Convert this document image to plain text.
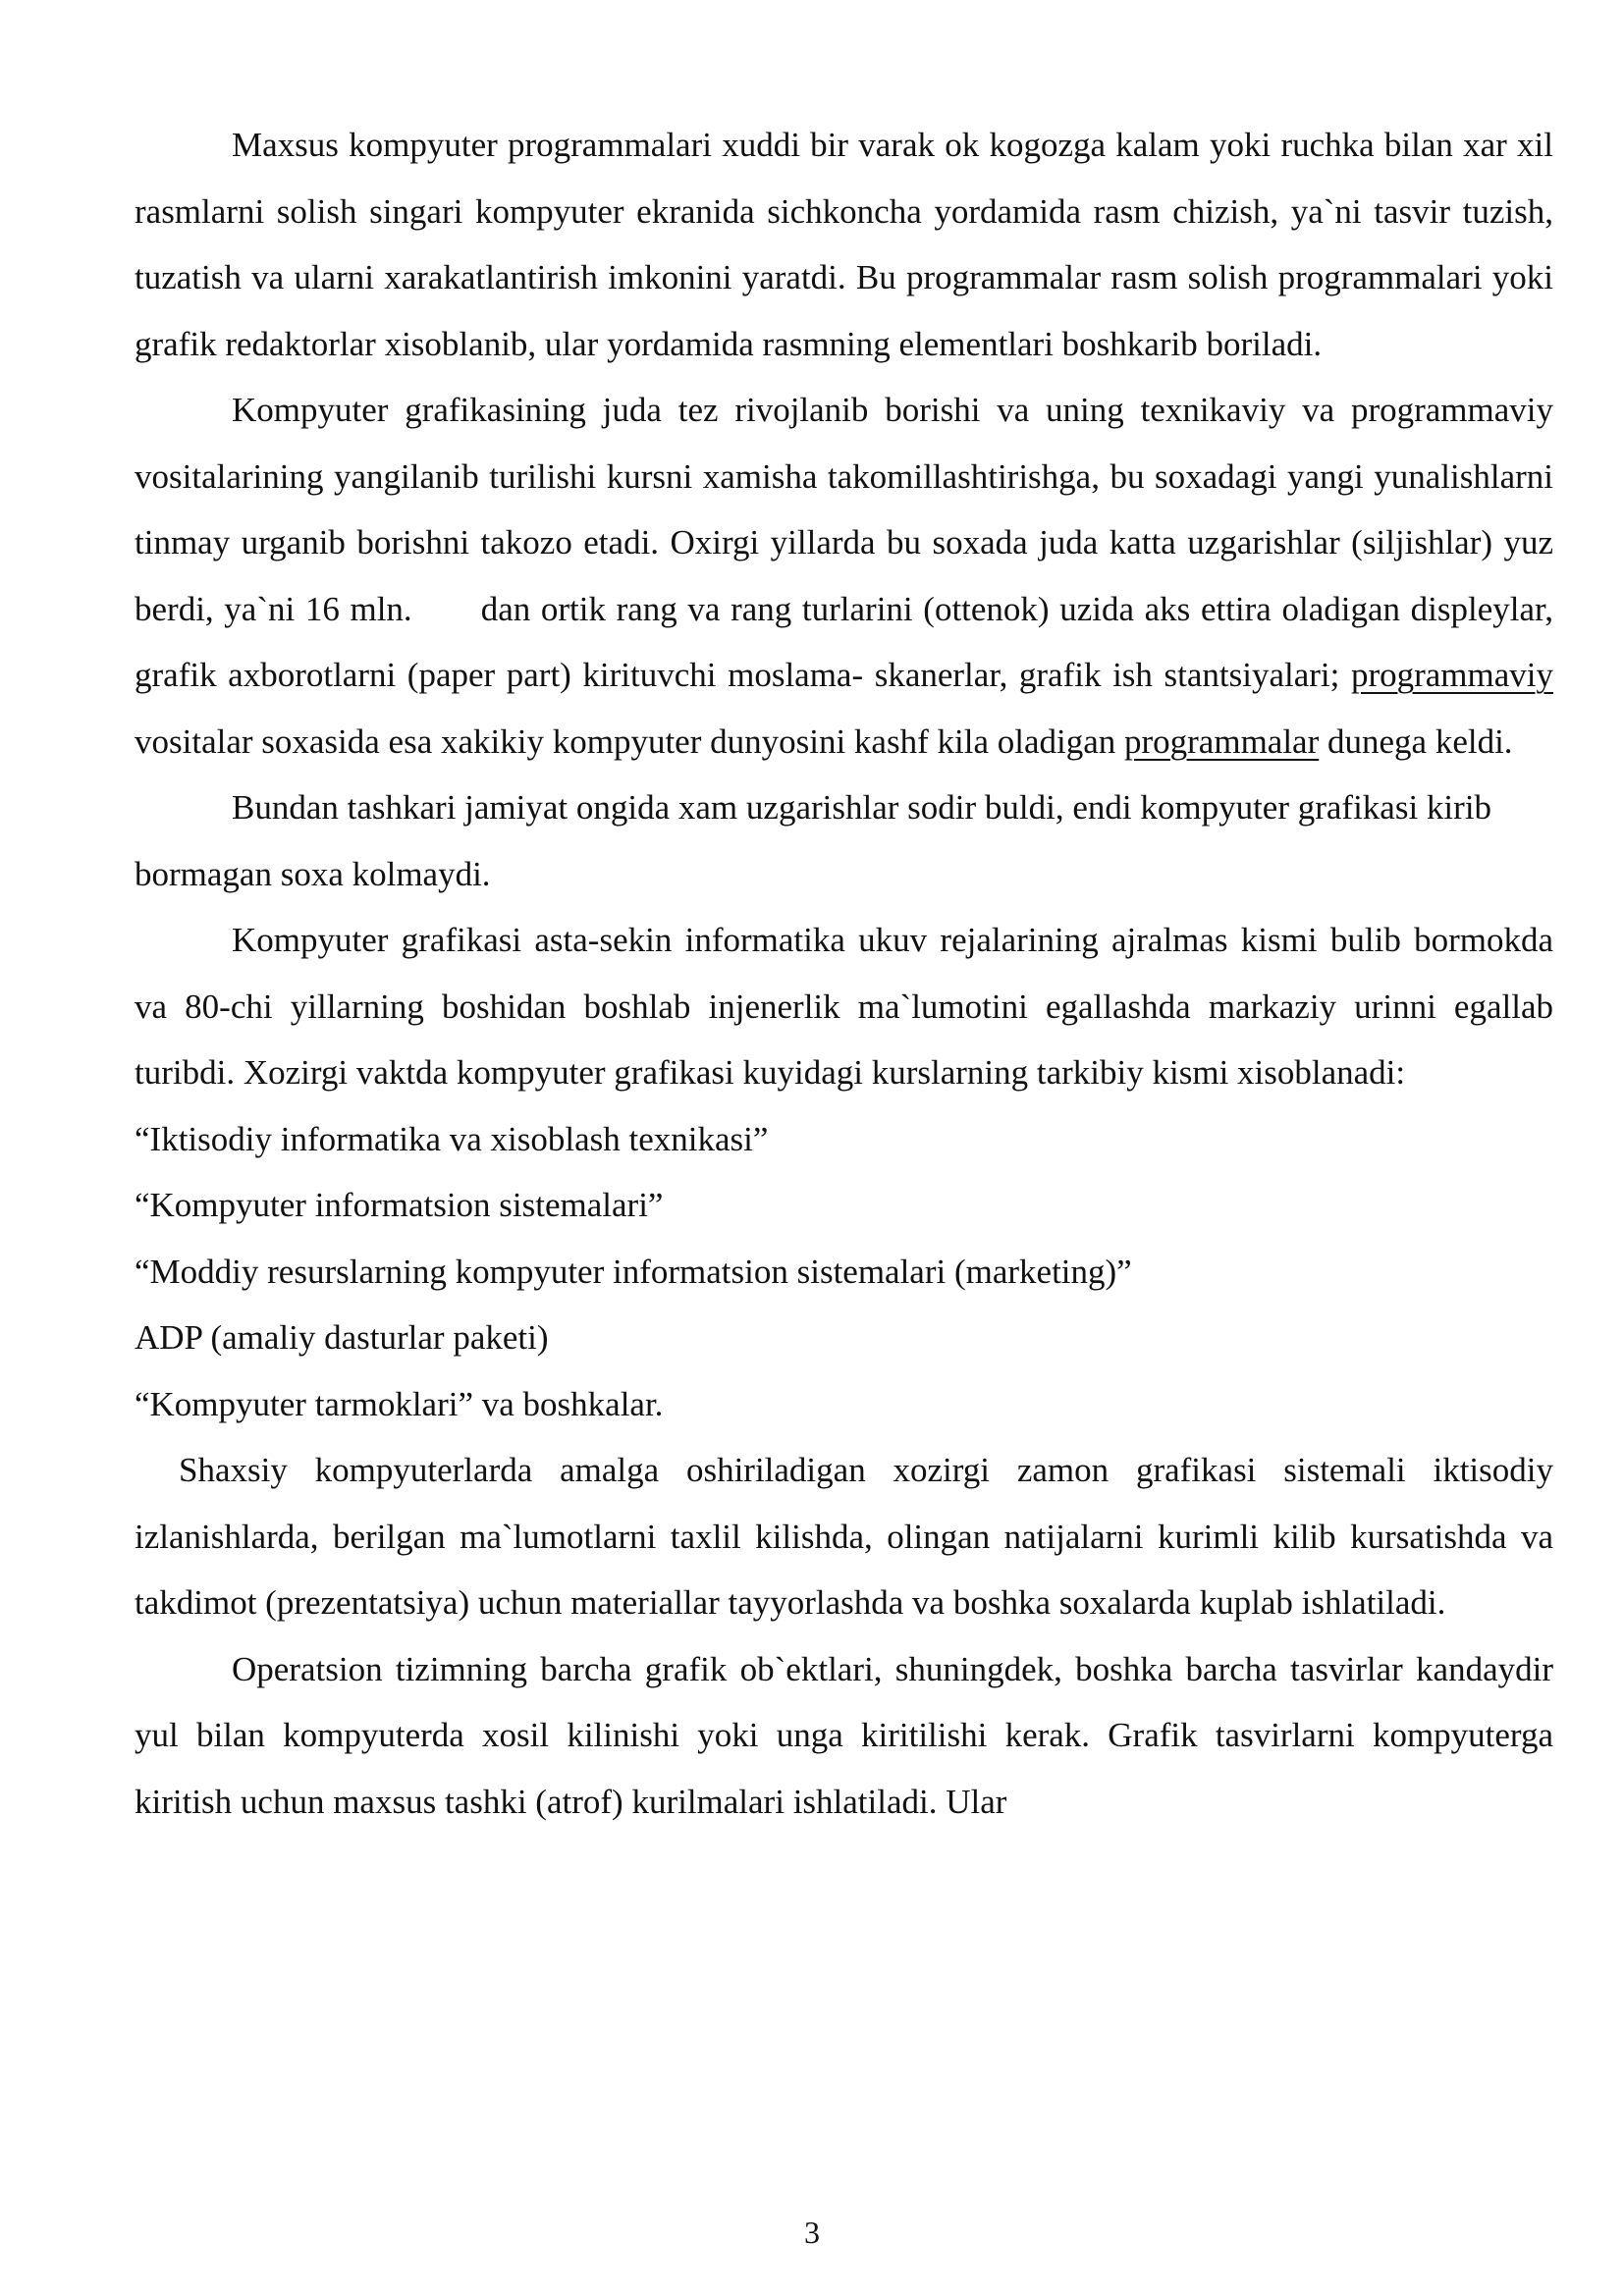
Maxsus kompyuter programmalari xuddi bir varak ok kogozga kalam yoki ruchka bilan xar xil rasmlarni solish singari kompyuter ekranida sichkoncha yordamida rasm chizish, ya`ni tasvir tuzish, tuzatish va ularni xarakatlantirish imkonini yaratdi. Bu programmalar rasm solish programmalari yoki grafik redaktorlar xisoblanib, ular yordamida rasmning elementlari boshkarib boriladi.

Kompyuter grafikasining juda tez rivojlanib borishi va uning texnikaviy va programmaviy vositalarining yangilanib turilishi kursni xamisha takomillashtirishga, bu soxadagi yangi yunalishlarni tinmay urganib borishni takozo etadi. Oxirgi yillarda bu soxada juda katta uzgarishlar (siljishlar) yuz berdi, ya`ni 16 mln. dan ortik rang va rang turlarini (ottenok) uzida aks ettira oladigan displeylar, grafik axborotlarni (paper part) kirituvchi moslama- skanerlar, grafik ish stantsiyalari; programmaviy vositalar soxasida esa xakikiy kompyuter dunyosini kashf kila oladigan programmalar dunega keldi.

Bundan tashkari jamiyat ongida xam uzgarishlar sodir buldi, endi kompyuter grafikasi kirib

bormagan soxa kolmaydi.

Kompyuter grafikasi asta-sekin informatika ukuv rejalarining ajralmas kismi bulib bormokda va 80-chi yillarning boshidan boshlab injenerlik ma`lumotini egallashda markaziy urinni egallab turibdi. Xozirgi vaktda kompyuter grafikasi kuyidagi kurslarning tarkibiy kismi xisoblanadi:

“Iktisodiy informatika va xisoblash texnikasi”

“Kompyuter informatsion sistemalari”

“Moddiy resurslarning kompyuter informatsion sistemalari (marketing)”

ADP (amaliy dasturlar paketi)

“Kompyuter tarmoklari” va boshkalar.

Shaxsiy kompyuterlarda amalga oshiriladigan xozirgi zamon grafikasi sistemali iktisodiy izlanishlarda, berilgan ma`lumotlarni taxlil kilishda, olingan natijalarni kurimli kilib kursatishda va takdimot (prezentatsiya) uchun materiallar tayyorlashda va boshka soxalarda kuplab ishlatiladi.

Operatsion tizimning barcha grafik ob`ektlari, shuningdek, boshka barcha tasvirlar kandaydir yul bilan kompyuterda xosil kilinishi yoki unga kiritilishi kerak. Grafik tasvirlarni kompyuterga kiritish uchun maxsus tashki (atrof) kurilmalari ishlatiladi. Ular

3
